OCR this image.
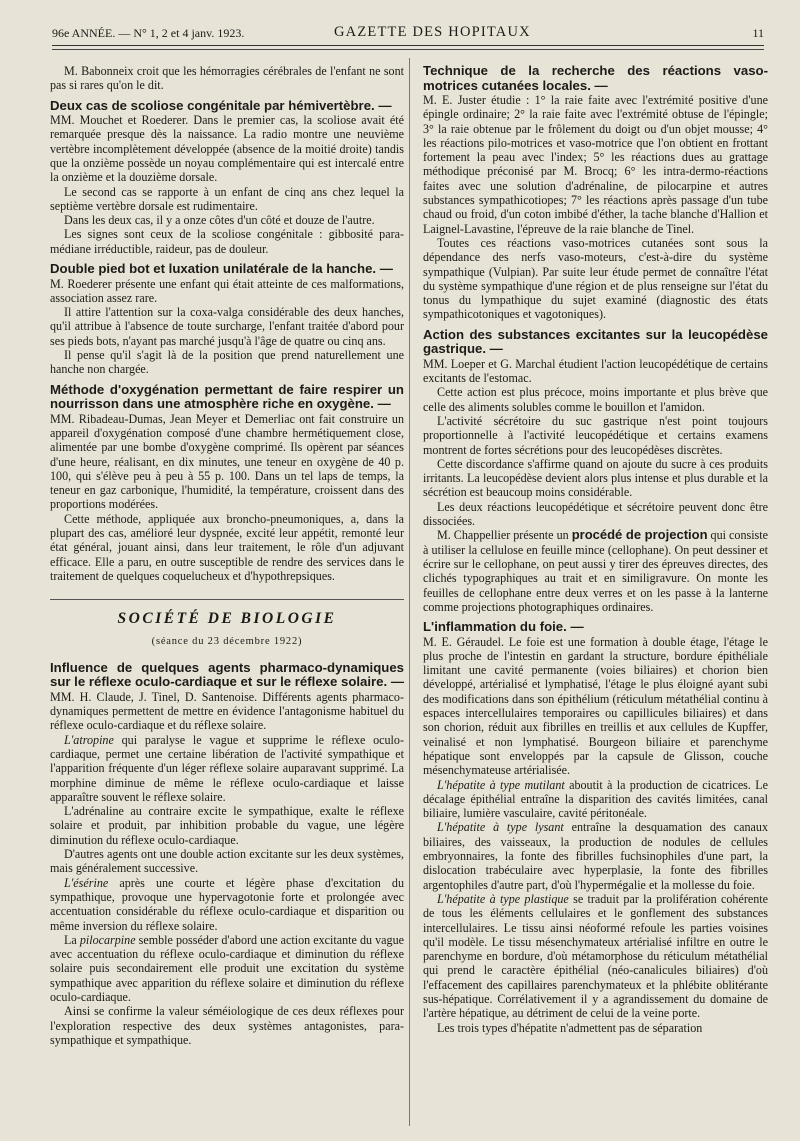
96e ANNÉE. — N° 1, 2 et 4 janv. 1923.	GAZETTE DES HOPITAUX	11

M. Babonneix croit que les hémorragies cérébrales de l'enfant ne sont pas si rares qu'on le dit.

Deux cas de scoliose congénitale par hémivertèbre. —

MM. Mouchet et Roederer. Dans le premier cas, la scoliose avait été remarquée presque dès la naissance. La radio montre une neuvième vertèbre incomplètement développée (absence de la moitié droite) tandis que la onzième possède un noyau complémentaire qui est intercalé entre la onzième et la douzième dorsale.

Le second cas se rapporte à un enfant de cinq ans chez lequel la septième vertèbre dorsale est rudimentaire.

Dans les deux cas, il y a onze côtes d'un côté et douze de l'autre.

Les signes sont ceux de la scoliose congénitale : gibbosité para-médiane irréductible, raideur, pas de douleur.

Double pied bot et luxation unilatérale de la hanche. —

M. Roederer présente une enfant qui était atteinte de ces malformations, association assez rare.

Il attire l'attention sur la coxa-valga considérable des deux hanches, qu'il attribue à l'absence de toute surcharge, l'enfant traitée d'abord pour ses pieds bots, n'ayant pas marché jusqu'à l'âge de quatre ou cinq ans.

Il pense qu'il s'agit là de la position que prend naturellement une hanche non chargée.

Méthode d'oxygénation permettant de faire respirer un nourrisson dans une atmosphère riche en oxygène. —

MM. Ribadeau-Dumas, Jean Meyer et Demerliac ont fait construire un appareil d'oxygénation composé d'une chambre hermétiquement close, alimentée par une bombe d'oxygène comprimé. Ils opèrent par séances d'une heure, réalisant, en dix minutes, une teneur en oxygène de 40 p. 100, qui s'élève peu à peu à 55 p. 100. Dans un tel laps de temps, la teneur en gaz carbonique, l'humidité, la température, croissent dans des proportions modérées.

Cette méthode, appliquée aux broncho-pneumoniques, a, dans la plupart des cas, amélioré leur dyspnée, excité leur appétit, remonté leur état général, jouant ainsi, dans leur traitement, le rôle d'un adjuvant efficace. Elle a paru, en outre susceptible de rendre des services dans le traitement de quelques coquelucheux et d'hypothrepsiques.

SOCIÉTÉ DE BIOLOGIE
(séance du 23 décembre 1922)

Influence de quelques agents pharmaco-dynamiques sur le réflexe oculo-cardiaque et sur le réflexe solaire. —

MM. H. Claude, J. Tinel, D. Santenoise. Différents agents pharmaco-dynamiques permettent de mettre en évidence l'antagonisme habituel du réflexe oculo-cardiaque et du réflexe solaire.

L'atropine qui paralyse le vague et supprime le réflexe oculo-cardiaque, permet une certaine libération de l'activité sympathique et l'apparition fréquente d'un léger réflexe solaire auparavant supprimé. La morphine diminue de même le réflexe oculo-cardiaque et laisse apparaître souvent le réflexe solaire.

L'adrénaline au contraire excite le sympathique, exalte le réflexe solaire et produit, par inhibition probable du vague, une légère diminution du réflexe oculo-cardiaque.

D'autres agents ont une double action excitante sur les deux systèmes, mais généralement successive.

L'ésérine après une courte et légère phase d'excitation du sympathique, provoque une hypervagotonie forte et prolongée avec accentuation considérable du réflexe oculo-cardiaque et disparition ou même inversion du réflexe solaire.

La pilocarpine semble posséder d'abord une action excitante du vague avec accentuation du réflexe oculo-cardiaque et diminution du réflexe solaire puis secondairement elle produit une excitation du système sympathique avec apparition du réflexe solaire et diminution du réflexe oculo-cardiaque.

Ainsi se confirme la valeur séméiologique de ces deux réflexes pour l'exploration respective des deux systèmes antagonistes, para-sympathique et sympathique.

Technique de la recherche des réactions vaso-motrices cutanées locales. —

M. E. Juster étudie : 1° la raie faite avec l'extrémité positive d'une épingle ordinaire; 2° la raie faite avec l'extrémité obtuse de l'épingle; 3° la raie obtenue par le frôlement du doigt ou d'un objet mousse; 4° les réactions pilo-motrices et vaso-motrice que l'on obtient en frottant fortement la peau avec l'index; 5° les réactions dues au grattage méthodique préconisé par M. Brocq; 6° les intra-dermo-réactions faites avec une solution d'adrénaline, de pilocarpine et autres substances sympathicotiopes; 7° les réactions après passage d'un tube chaud ou froid, d'un coton imbibé d'éther, la tache blanche d'Hallion et Laignel-Lavastine, l'épreuve de la raie blanche de Tinel.

Toutes ces réactions vaso-motrices cutanées sont sous la dépendance des nerfs vaso-moteurs, c'est-à-dire du système sympathique (Vulpian). Par suite leur étude permet de connaître l'état du système sympathique d'une région et de plus renseigne sur l'état du tonus du lympathique du sujet examiné (diagnostic des états sympathicotoniques et vagotoniques).

Action des substances excitantes sur la leucopédèse gastrique. —

MM. Loeper et G. Marchal étudient l'action leucopédétique de certains excitants de l'estomac.

Cette action est plus précoce, moins importante et plus brève que celle des aliments solubles comme le bouillon et l'amidon.

L'activité sécrétoire du suc gastrique n'est point toujours proportionnelle à l'activité leucopédétique et certains examens montrent de fortes sécrétions pour des leucopédèses discrètes.

Cette discordance s'affirme quand on ajoute du sucre à ces produits irritants. La leucopédèse devient alors plus intense et plus durable et la sécrétion est beaucoup moins considérable.

Les deux réactions leucopédétique et sécrétoire peuvent donc être dissociées.

M. Chappellier présente un procédé de projection qui consiste à utiliser la cellulose en feuille mince (cellophane). On peut dessiner et écrire sur le cellophane, on peut aussi y tirer des épreuves directes, des clichés typographiques au trait et en similigravure. On monte les feuilles de cellophane entre deux verres et on les passe à la lanterne comme projections photographiques ordinaires.

L'inflammation du foie. —

M. E. Géraudel. Le foie est une formation à double étage, l'étage le plus proche de l'intestin en gardant la structure, bordure épithéliale limitant une cavité permanente (voies biliaires) et chorion bien développé, artérialisé et lymphatisé, l'étage le plus éloigné ayant subi des modifications dans son épithélium (réticulum métathélial continu à espaces intercellulaires temporaires ou capillicules biliaires) et dans son chorion, réduit aux fibrilles en treillis et aux cellules de Kupffer, veinalisé et non lymphatisé. Bourgeon biliaire et parenchyme hépatique sont enveloppés par la capsule de Glisson, couche mésenchymateuse artérialisée.

L'hépatite à type mutilant aboutit à la production de cicatrices. Le décalage épithélial entraîne la disparition des cavités limitées, canal biliaire, lumière vasculaire, cavité péritonéale.

L'hépatite à type lysant entraîne la desquamation des canaux biliaires, des vaisseaux, la production de nodules de cellules embryonnaires, la fonte des fibrilles fuchsinophiles d'une part, la dislocation trabéculaire avec hyperplasie, la fonte des fibrilles argentophiles d'autre part, d'où l'hypermégalie et la mollesse du foie.

L'hépatite à type plastique se traduit par la prolifération cohérente de tous les éléments cellulaires et le gonflement des substances intercellulaires. Le tissu ainsi néoformé refoule les parties voisines qu'il modèle. Le tissu mésenchymateux artérialisé infiltre en outre le parenchyme en bordure, d'où métamorphose du réticulum métathélial qui prend le caractère épithélial (néo-canalicules biliaires) d'où l'effacement des capillaires parenchymateux et la phlébite oblitérante sus-hépatique. Corrélativement il y a agrandissement du domaine de l'artère hépatique, au détriment de celui de la veine porte.

Les trois types d'hépatite n'admettent pas de séparation
